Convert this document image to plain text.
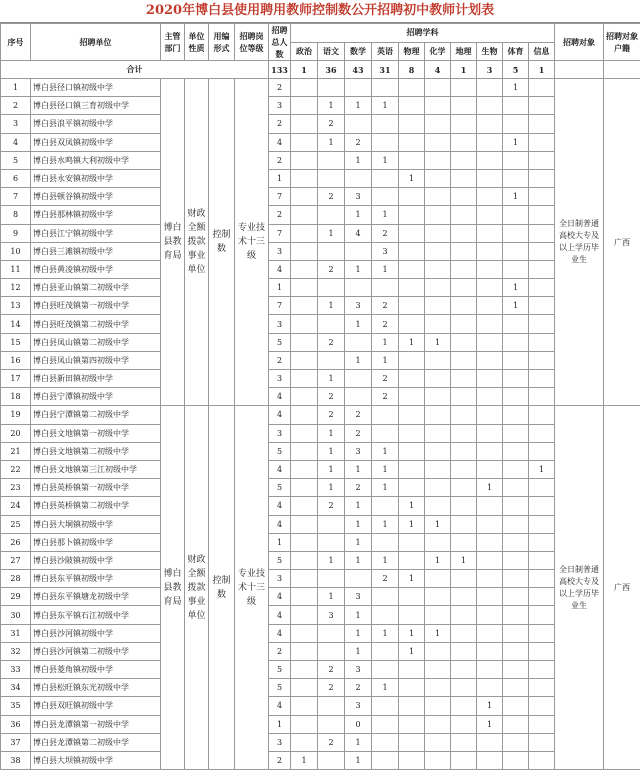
2020年博白县使用聘用教师控制数公开招聘初中教师计划表
序号	招聘单位	主管部门	单位性质	用编形式	招聘岗位等级	招聘总人数	招聘学科										招聘对象	招聘对象户籍
							政治	语文	数学	英语	物理	化学	地理	生物	体育	信息		
合计						133	1	36	43	31	8	4	1	3	5	1		
1	博白县径口镇初级中学	博白县教育局	财政全额拨款事业单位	控制数	专业技术十三级	2									1		全日制普通高校大专及以上学历毕业生	广西
2	博白县径口镇三育初级中学					3		1	1	1								
3	博白县浪平镇初级中学					2		2										
4	博白县双凤镇初级中学					4		1	2						1			
5	博白县水鸣镇大利初级中学					2			1	1								
6	博白县永安镇初级中学					1					1							
7	博白县顿谷镇初级中学					7		2	3						1			
8	博白县那林镇初级中学					2			1	1								
9	博白县江宁镇初级中学					7		1	4	2								
10	博白县三滩镇初级中学					3				3								
11	博白县黄凌镇初级中学					4		2	1	1								
12	博白县亚山镇第二初级中学					1									1			
13	博白县旺茂镇第一初级中学					7		1	3	2					1			
14	博白县旺茂镇第二初级中学					3			1	2								
15	博白县凤山镇第二初级中学					5		2		1	1	1						
16	博白县凤山镇第四初级中学					2			1	1								
17	博白县新田镇初级中学					3		1		2								
18	博白县宁潭镇初级中学					4		2		2								
19	博白县宁潭镇第二初级中学	博白县教育局	财政全额拨款事业单位	控制数	专业技术十三级	4		2	2								全日制普通高校大专及以上学历毕业生	广西
20	博白县文地镇第一初级中学					3		1	2									
21	博白县文地镇第二初级中学					5		1	3	1								
22	博白县文地镇第三江初级中学					4		1	1	1						1		
23	博白县英桥镇第一初级中学					5		1	2	1				1				
24	博白县英桥镇第二初级中学					4		2	1		1							
25	博白县大垌镇初级中学					4			1	1	1	1						
26	博白县那卜镇初级中学					1			1									
27	博白县沙陂镇初级中学					5		1	1	1		1	1					
28	博白县东平镇初级中学					3				2	1							
29	博白县东平镇塘龙初级中学					4		1	3									
30	博白县东平镇石江初级中学					4		3	1									
31	博白县沙河镇初级中学					4			1	1	1	1						
32	博白县沙河镇第二初级中学					2			1		1							
33	博白县菱角镇初级中学					5		2	3									
34	博白县松旺镇东光初级中学					5		2	2	1								
35	博白县双旺镇初级中学					4			3					1				
36	博白县龙潭镇第一初级中学					1			0					1				
37	博白县龙潭镇第二初级中学					3		2	1									
38	博白县大坝镇初级中学					2	1		1									
